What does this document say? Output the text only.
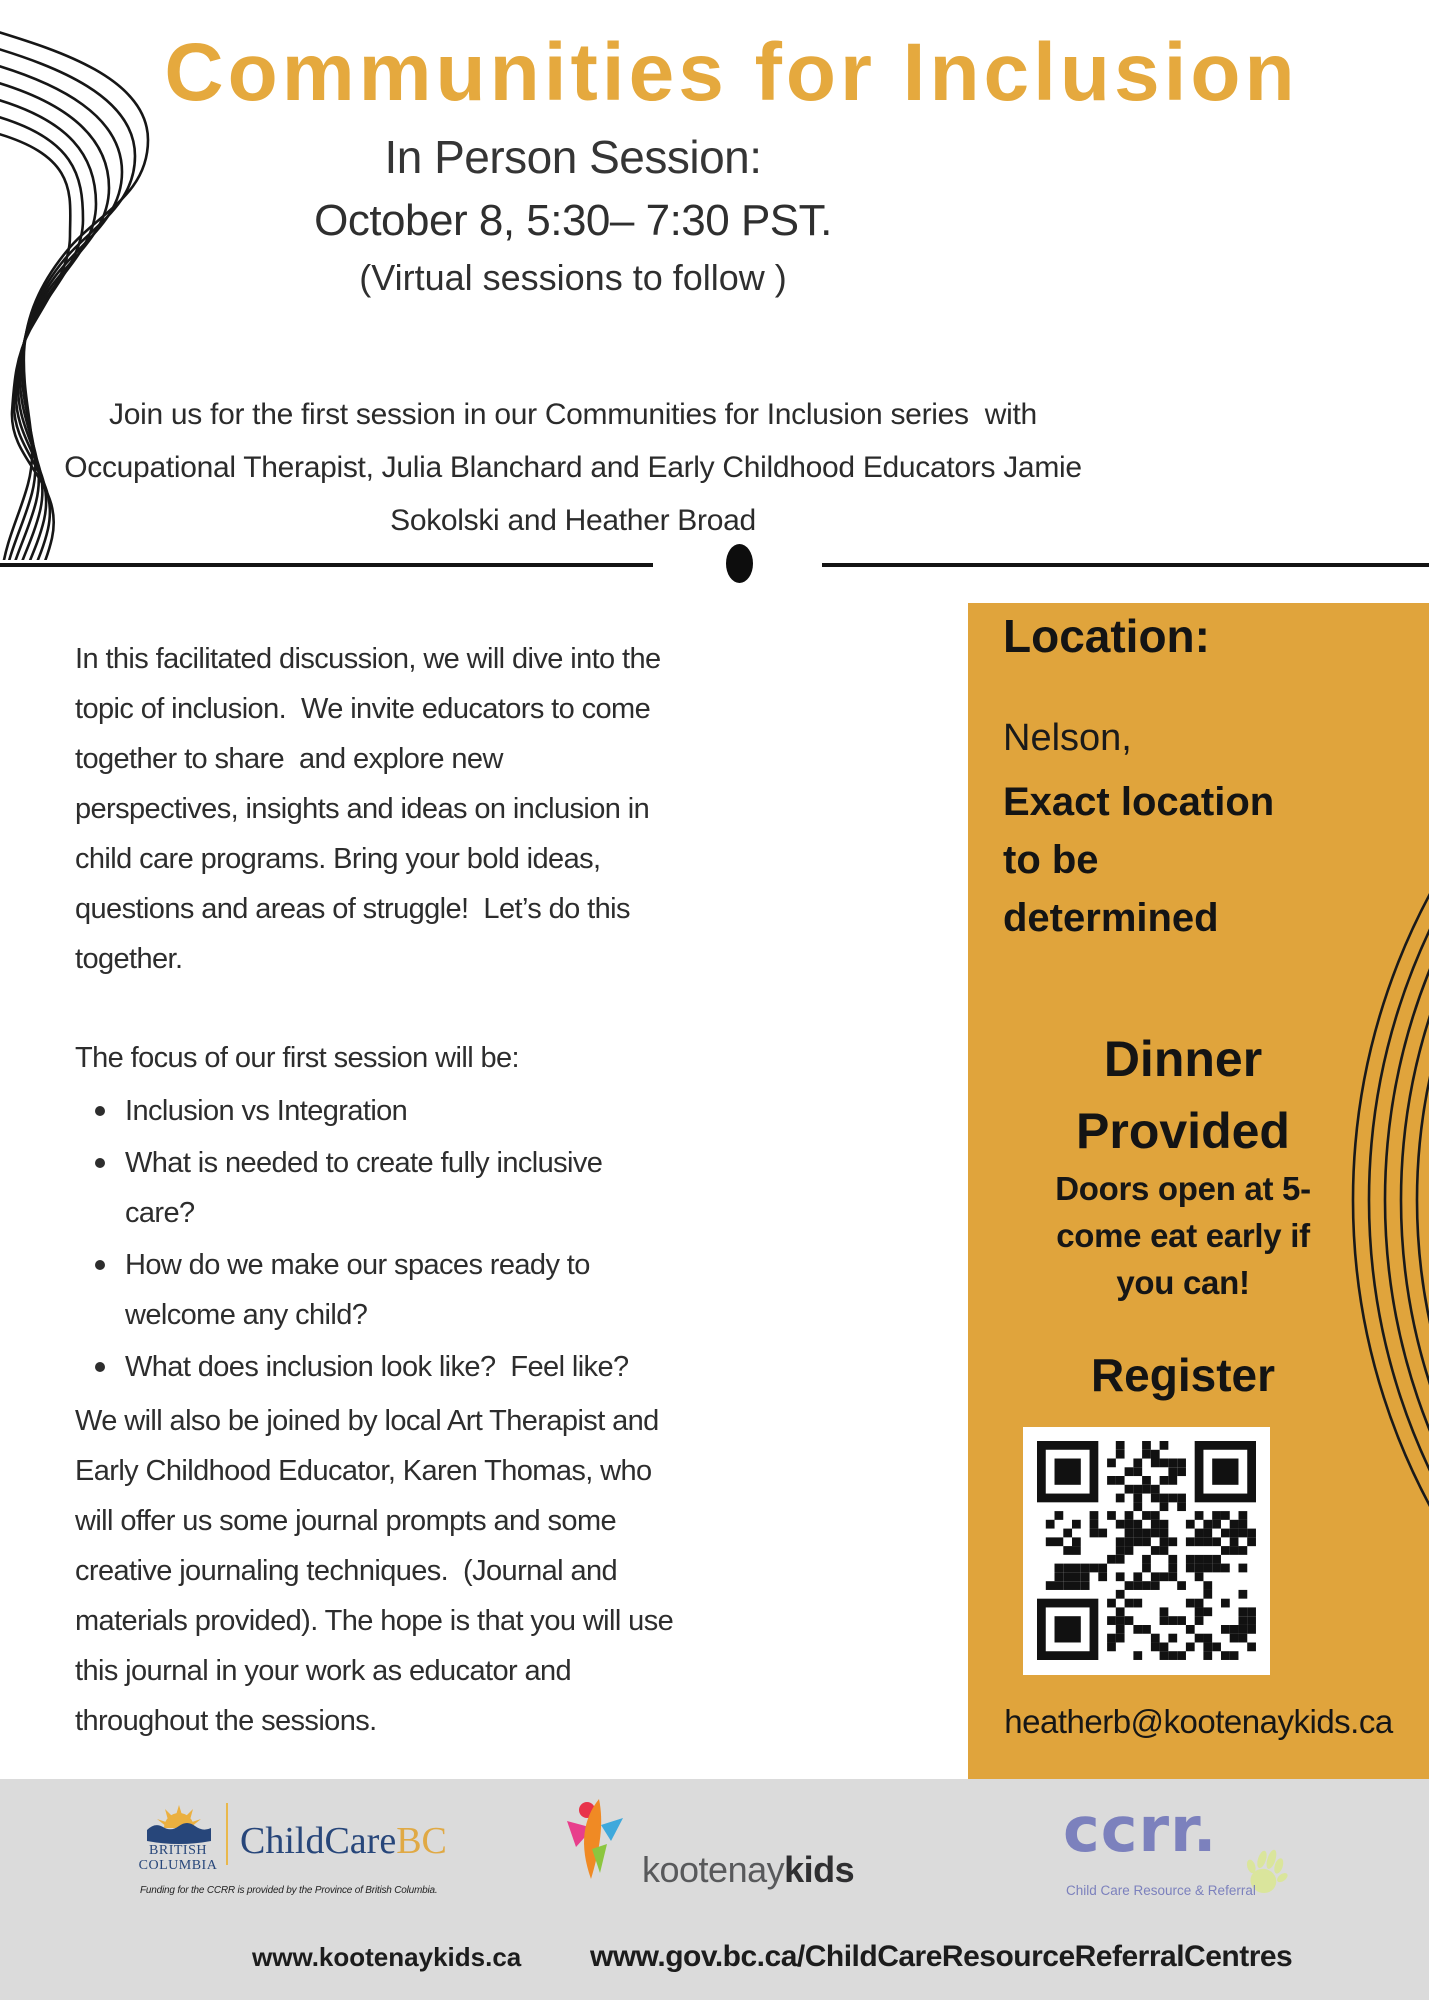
Communities for Inclusion
In Person Session:
October 8, 5:30– 7:30 PST.
(Virtual sessions to follow )
Join us for the first session in our Communities for Inclusion series  with
Occupational Therapist, Julia Blanchard and Early Childhood Educators Jamie
Sokolski and Heather Broad
In this facilitated discussion, we will dive into the
topic of inclusion.  We invite educators to come
together to share  and explore new
perspectives, insights and ideas on inclusion in
child care programs. Bring your bold ideas,
questions and areas of struggle!  Let’s do this
together.
The focus of our first session will be:
Inclusion vs Integration
What is needed to create fully inclusive care?
How do we make our spaces ready to welcome any child?
What does inclusion look like?  Feel like?
We will also be joined by local Art Therapist and
Early Childhood Educator, Karen Thomas, who
will offer us some journal prompts and some
creative journaling techniques.  (Journal and
materials provided). The hope is that you will use
this journal in your work as educator and
throughout the sessions.
Location:
Nelson,
Exact location
to be
determined
Dinner
Provided
Doors open at 5-
come eat early if
you can!
Register
heatherb@kootenaykids.ca
BRITISH
COLUMBIA
ChildCareBC
Funding for the CCRR is provided by the Province of British Columbia.
kootenaykids
ccrr.
Child Care Resource & Referral
www.kootenaykids.ca www.gov.bc.ca/ChildCareResourceReferralCentres
